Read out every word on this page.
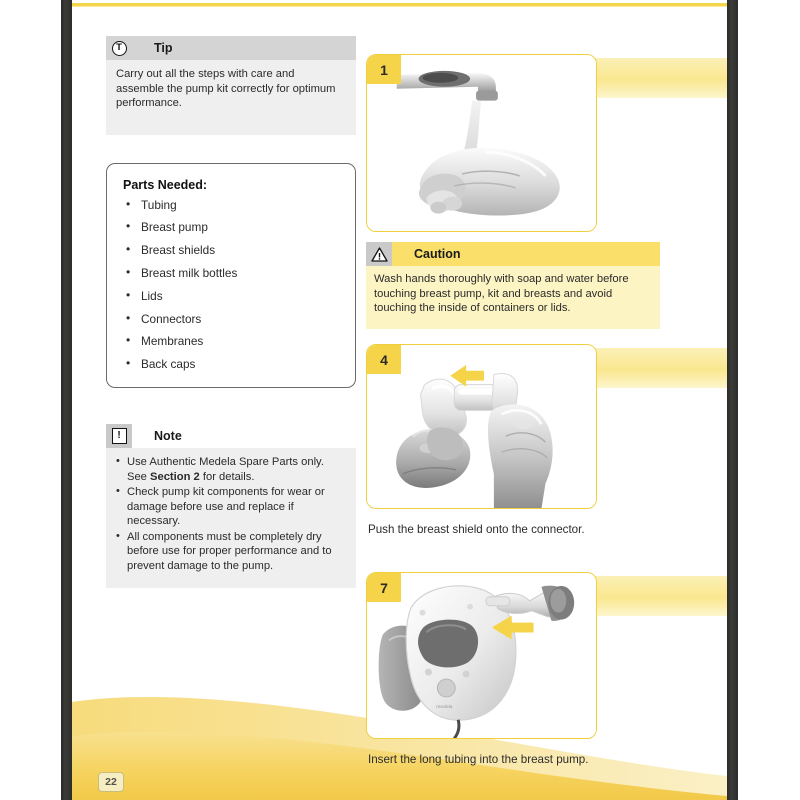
T	Tip
Carry out all the steps with care and assemble the pump kit correctly for optimum performance.
Parts Needed:
• Tubing
• Breast pump
• Breast shields
• Breast milk bottles
• Lids
• Connectors
• Membranes
• Back caps
!	Note
• Use Authentic Medela Spare Parts only. See Section 2 for details.
• Check pump kit components for wear or damage before use and replace if necessary.
• All components must be completely dry before use for proper performance and to prevent damage to the pump.
1
Caution
Wash hands thoroughly with soap and water before touching breast pump, kit and breasts and avoid touching the inside of containers or lids.
4
Push the breast shield onto the connector.
medela
7
Insert the long tubing into the breast pump.
22
